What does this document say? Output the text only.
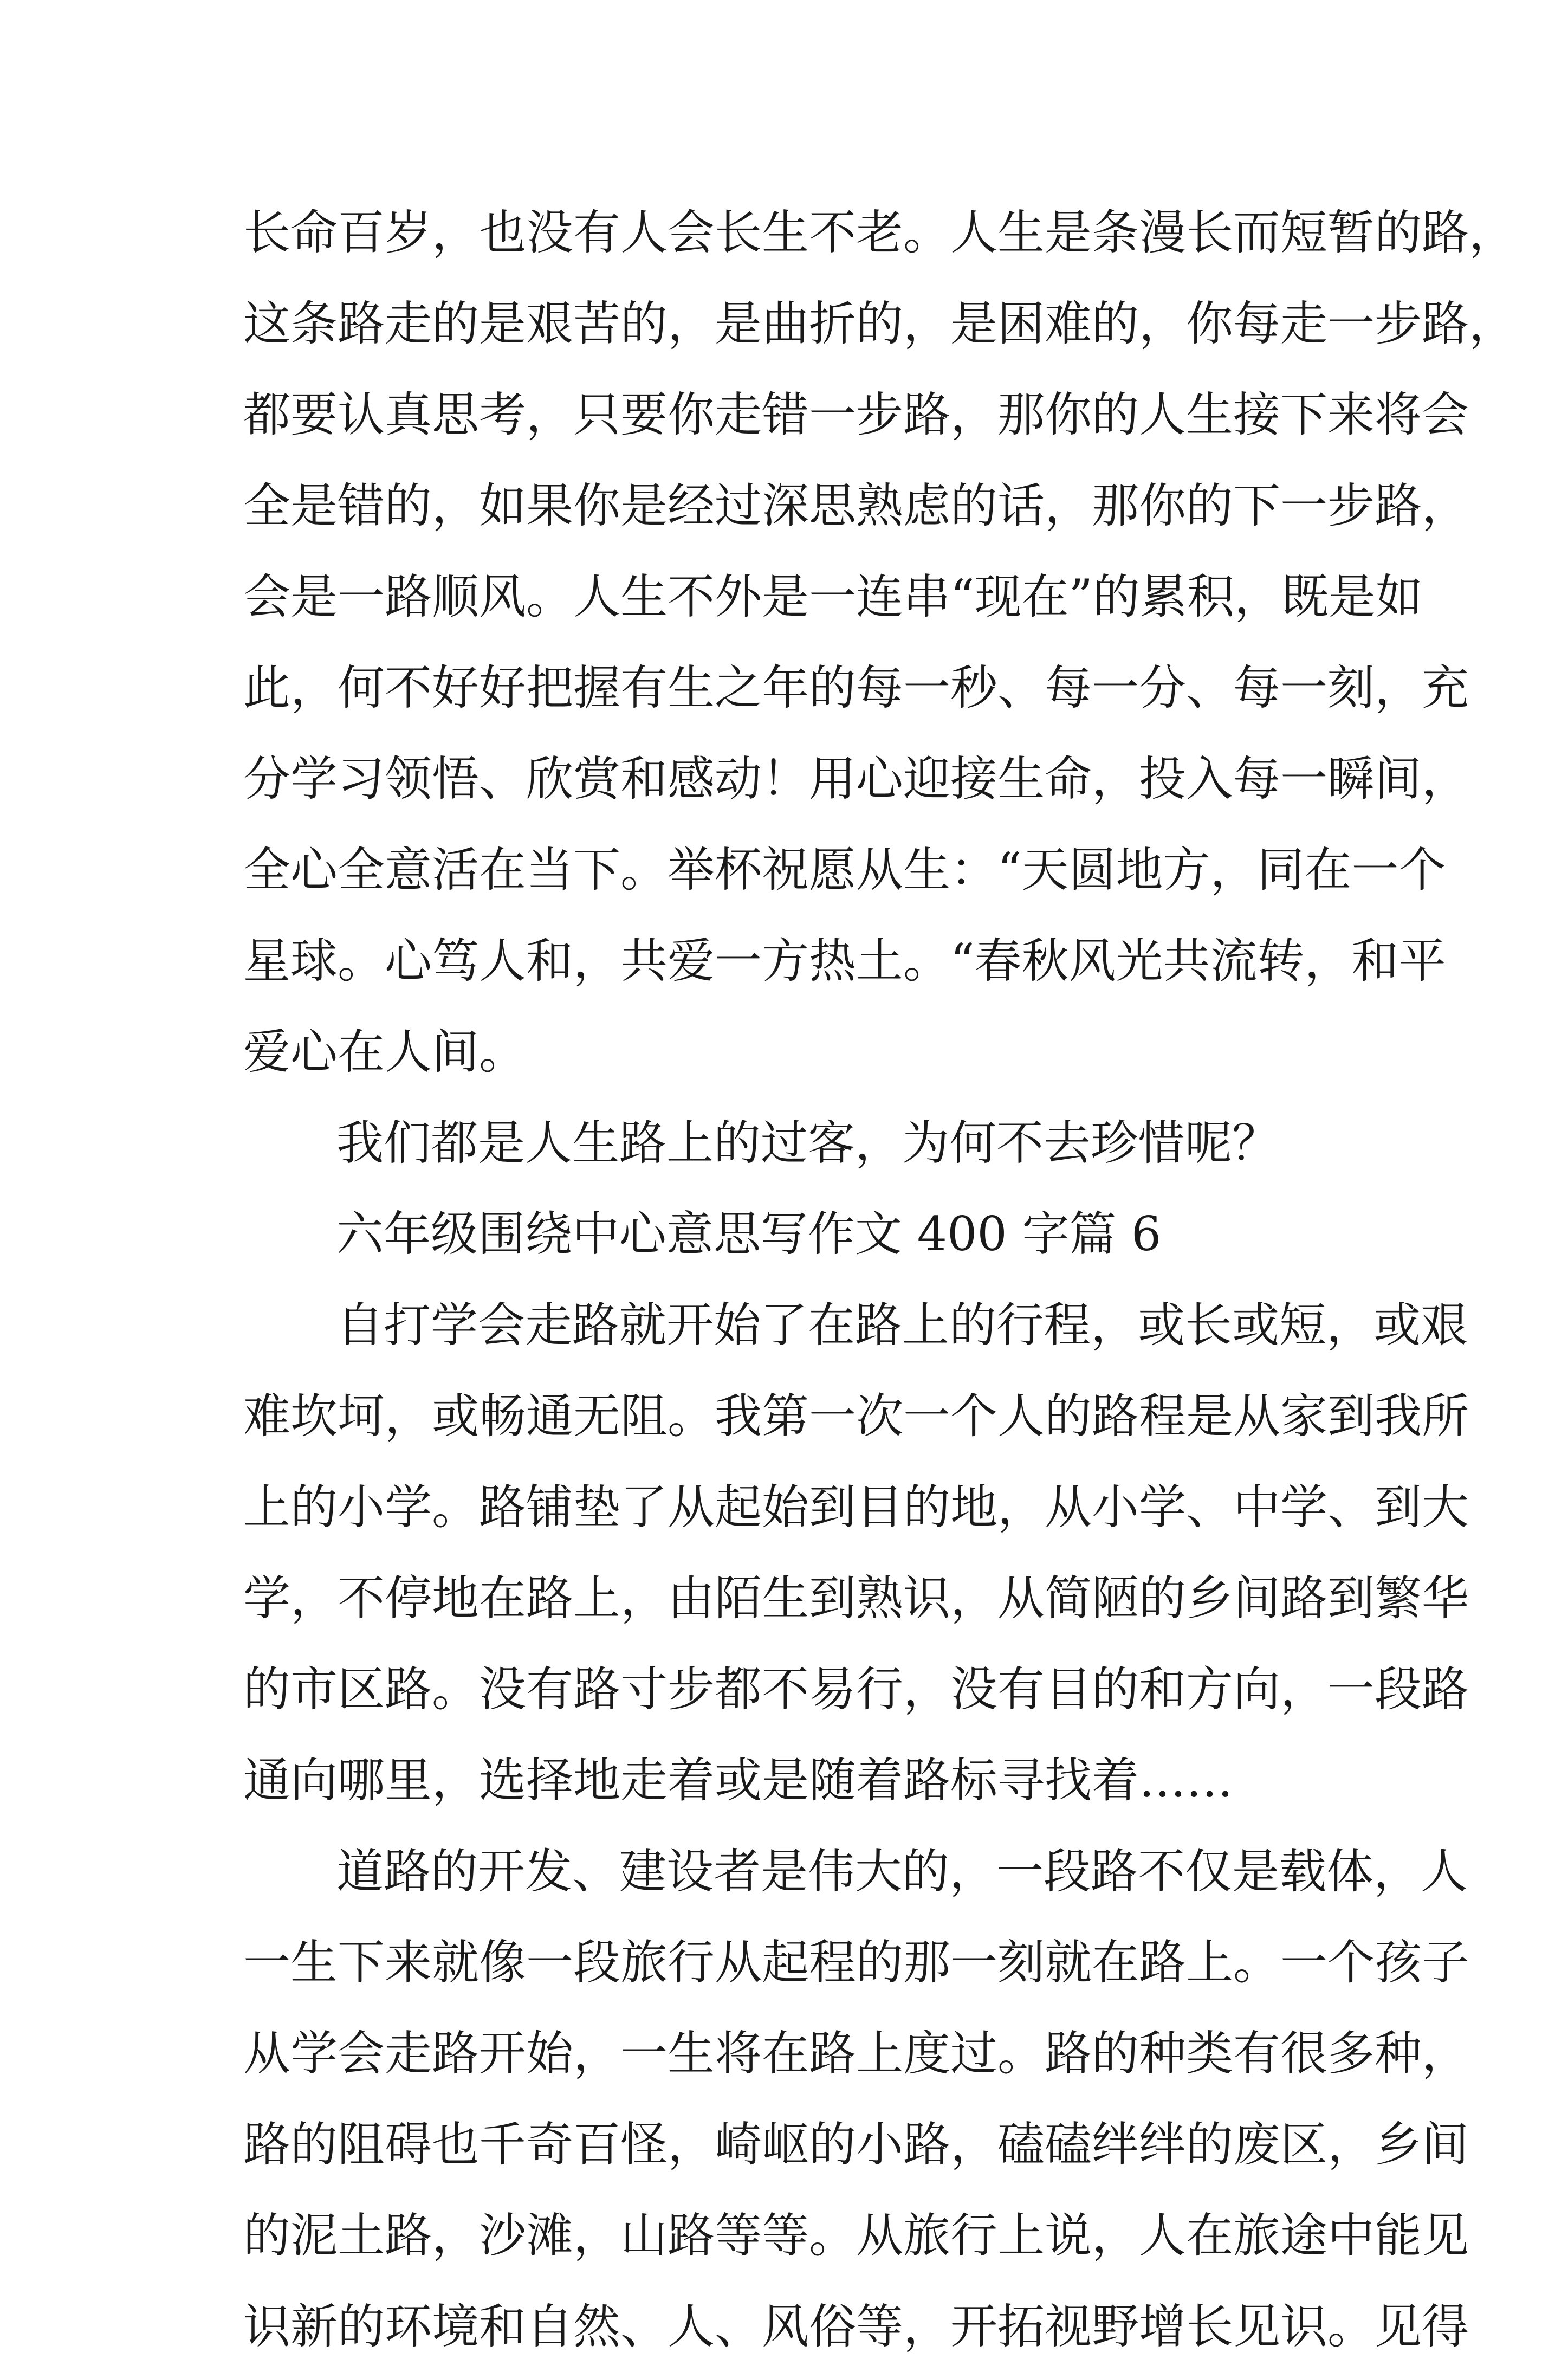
长命百岁，也没有人会长生不老。人生是条漫长而短暂的路，
这条路走的是艰苦的，是曲折的，是困难的，你每走一步路，
都要认真思考，只要你走错一步路，那你的人生接下来将会
全是错的，如果你是经过深思熟虑的话，那你的下一步路，
会是一路顺风。人生不外是一连串“现在”的累积，既是如
此，何不好好把握有生之年的每一秒、每一分、每一刻，充
分学习领悟、欣赏和感动！用心迎接生命，投入每一瞬间，
全心全意活在当下。举杯祝愿从生：“天圆地方，同在一个
星球。心笃人和，共爱一方热土。“春秋风光共流转，和平
爱心在人间。
我们都是人生路上的过客，为何不去珍惜呢？
六年级围绕中心意思写作文 400 字篇 6
自打学会走路就开始了在路上的行程，或长或短，或艰
难坎坷，或畅通无阻。我第一次一个人的路程是从家到我所
上的小学。路铺垫了从起始到目的地，从小学、中学、到大
学，不停地在路上，由陌生到熟识，从简陋的乡间路到繁华
的市区路。没有路寸步都不易行，没有目的和方向，一段路
通向哪里，选择地走着或是随着路标寻找着……
道路的开发、建设者是伟大的，一段路不仅是载体，人
一生下来就像一段旅行从起程的那一刻就在路上。一个孩子
从学会走路开始，一生将在路上度过。路的种类有很多种，
路的阻碍也千奇百怪，崎岖的小路，磕磕绊绊的废区，乡间
的泥土路，沙滩，山路等等。从旅行上说，人在旅途中能见
识新的环境和自然、人、风俗等，开拓视野增长见识。见得
